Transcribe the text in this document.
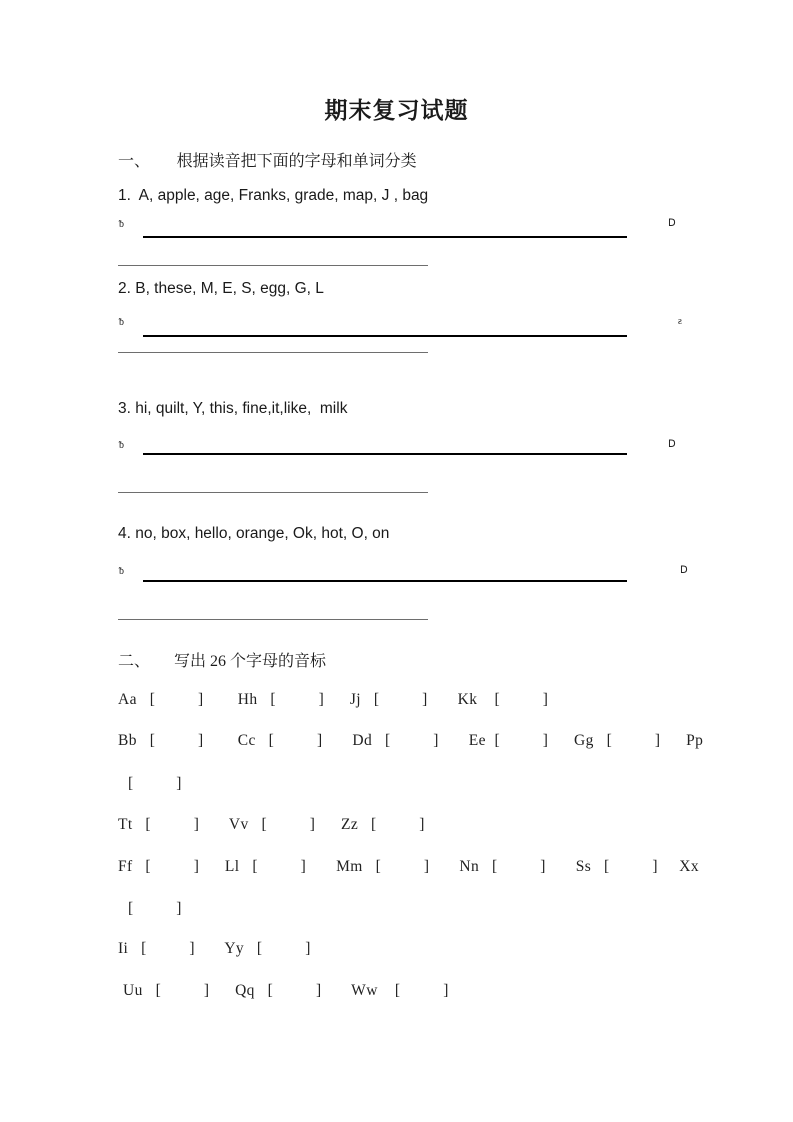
期末复习试题
一、      根据读音把下面的字母和单词分类
1.  A, apple, age, Franks, grade, map, J , bag
ᵬ	Ⅾ
2. B, these, M, E, S, egg, G, L
ᵬ	ƨ
3. hi, quilt, Y, this, fine,it,like,  milk
ᵬ	Ⅾ
4. no, box, hello, orange, Ok, hot, O, on
ᵬ	Ⅾ
二、      写出 26 个字母的音标
Aa   [          ]        Hh   [          ]      Jj   [          ]       Kk    [          ]
Bb   [          ]        Cc   [          ]       Dd   [          ]       Ee  [          ]      Gg   [          ]      Pp
[          ]
Tt   [          ]       Vv   [          ]      Zz   [          ]
Ff   [          ]      Ll   [          ]       Mm   [          ]       Nn   [          ]       Ss   [          ]     Xx
[          ]
Ii   [          ]       Yy   [          ]
Uu   [          ]      Qq   [          ]       Ww    [          ]
